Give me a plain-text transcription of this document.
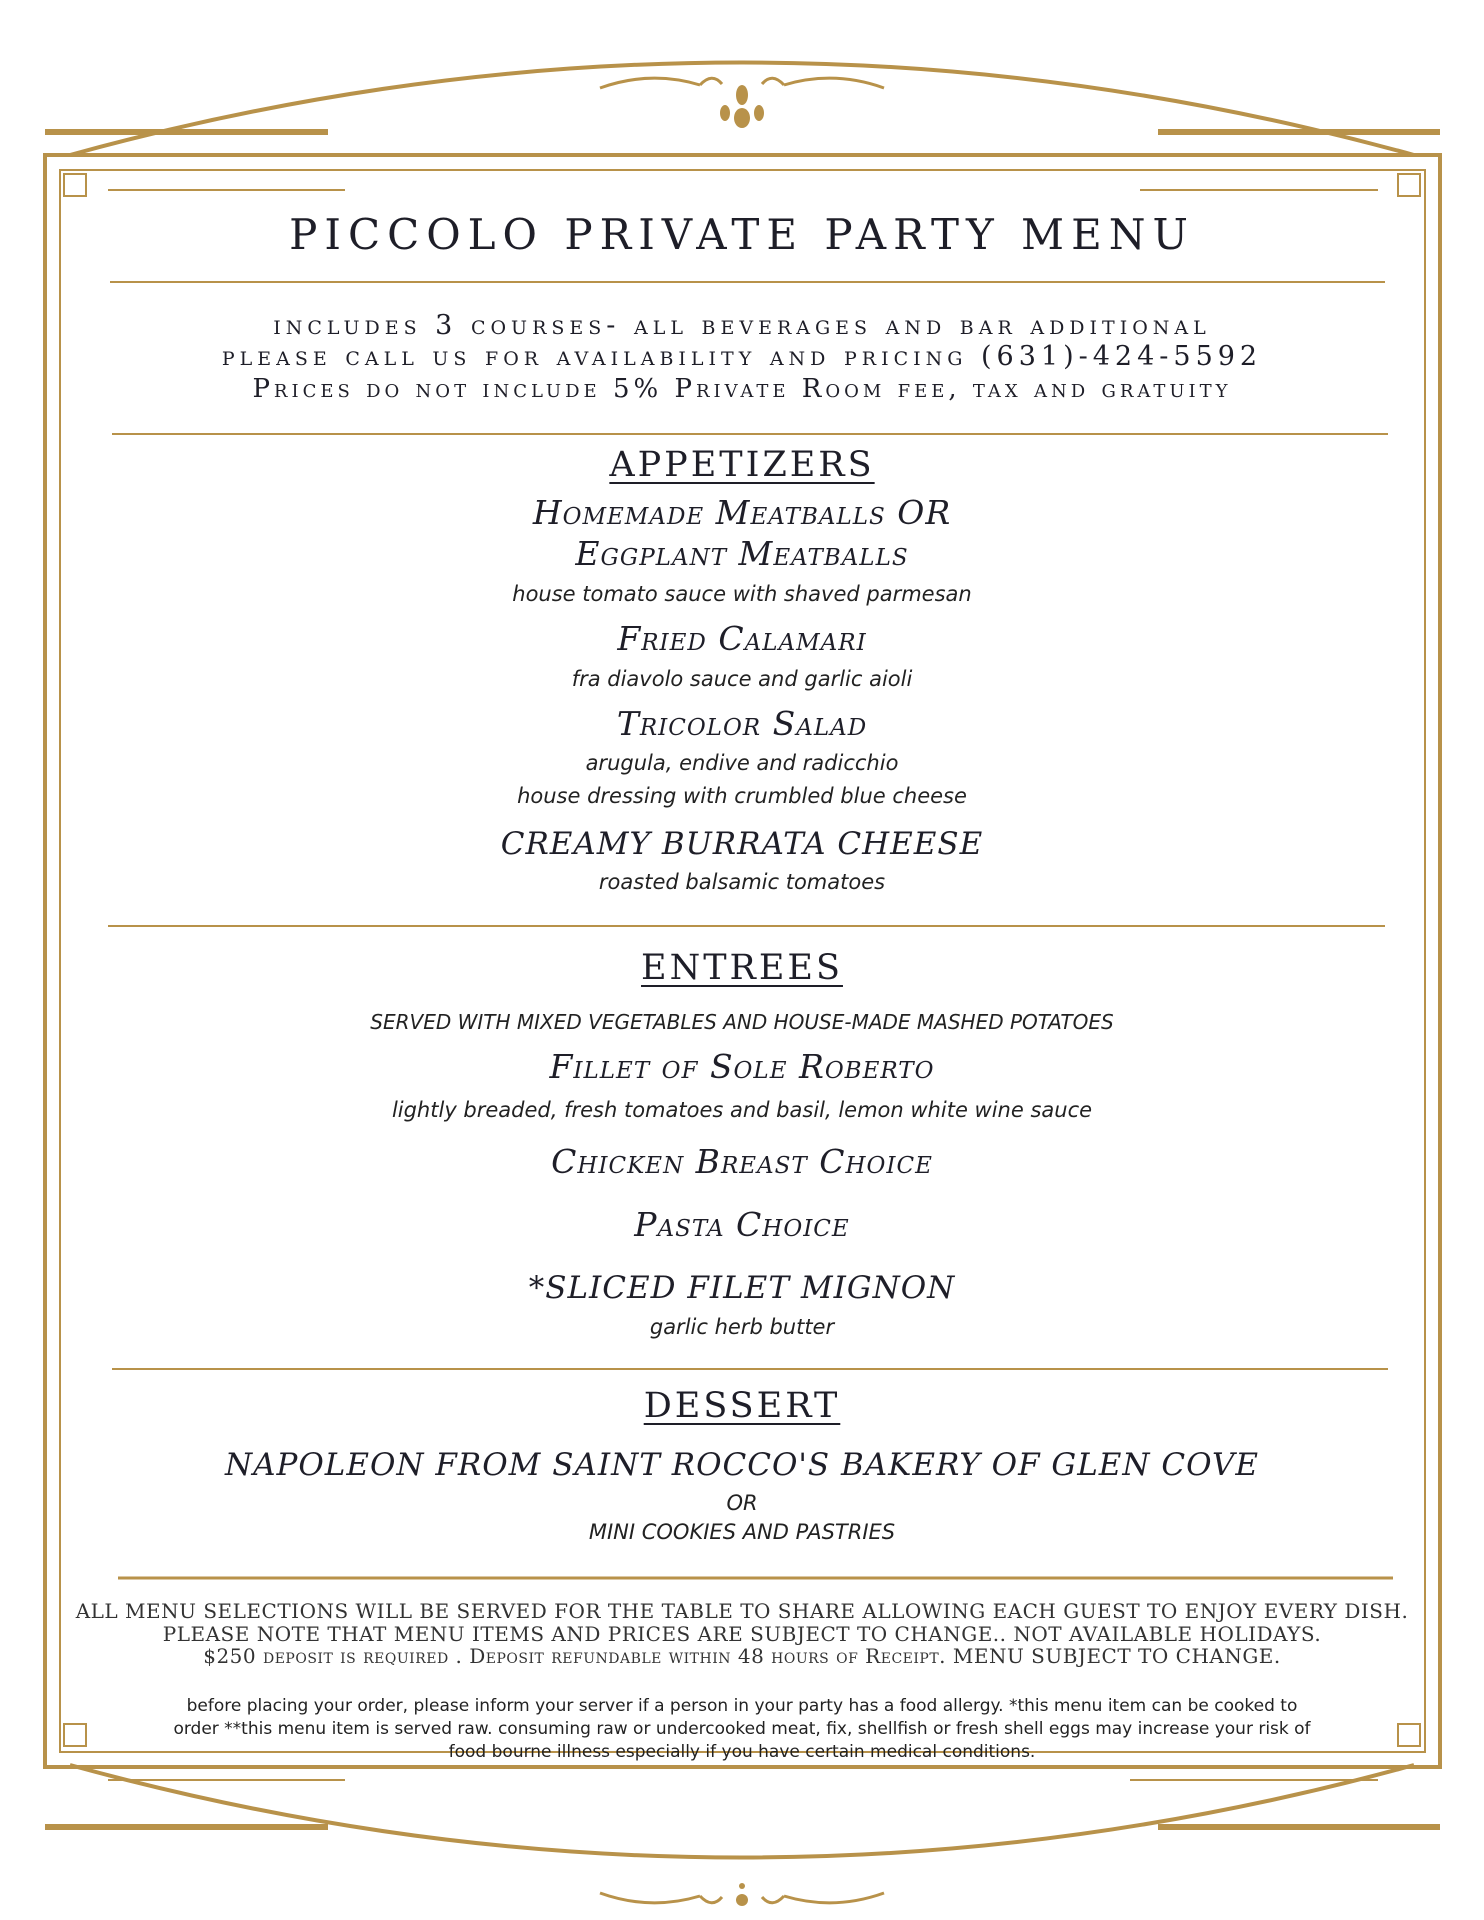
PICCOLO PRIVATE PARTY MENU
includes 3 courses- all beverages and bar additional
please call us for availability and pricing (631)-424-5592
Prices do not include 5% Private Room fee, tax and gratuity
APPETIZERS
Homemade Meatballs OR
Eggplant Meatballs
house tomato sauce with shaved parmesan
Fried Calamari
fra diavolo sauce and garlic aioli
Tricolor Salad
arugula, endive and radicchio
house dressing with crumbled blue cheese
CREAMY BURRATA CHEESE
roasted balsamic tomatoes
ENTREES
SERVED WITH MIXED VEGETABLES AND HOUSE-MADE MASHED POTATOES
Fillet of Sole Roberto
lightly breaded, fresh tomatoes and basil, lemon white wine sauce
Chicken Breast Choice
Pasta Choice
*SLICED FILET MIGNON
garlic herb butter
DESSERT
NAPOLEON FROM SAINT ROCCO'S BAKERY OF GLEN COVE
OR
MINI COOKIES AND PASTRIES
ALL MENU SELECTIONS WILL BE SERVED FOR THE TABLE TO SHARE ALLOWING EACH GUEST TO ENJOY EVERY DISH.
PLEASE NOTE THAT MENU ITEMS AND PRICES ARE SUBJECT TO CHANGE.. NOT AVAILABLE HOLIDAYS.
$250 deposit is required . Deposit refundable within 48 hours of Receipt. MENU SUBJECT TO CHANGE.
before placing your order, please inform your server if a person in your party has a food allergy. *this menu item can be cooked to
order **this menu item is served raw. consuming raw or undercooked meat, fix, shellfish or fresh shell eggs may increase your risk of
food bourne illness especially if you have certain medical conditions.
